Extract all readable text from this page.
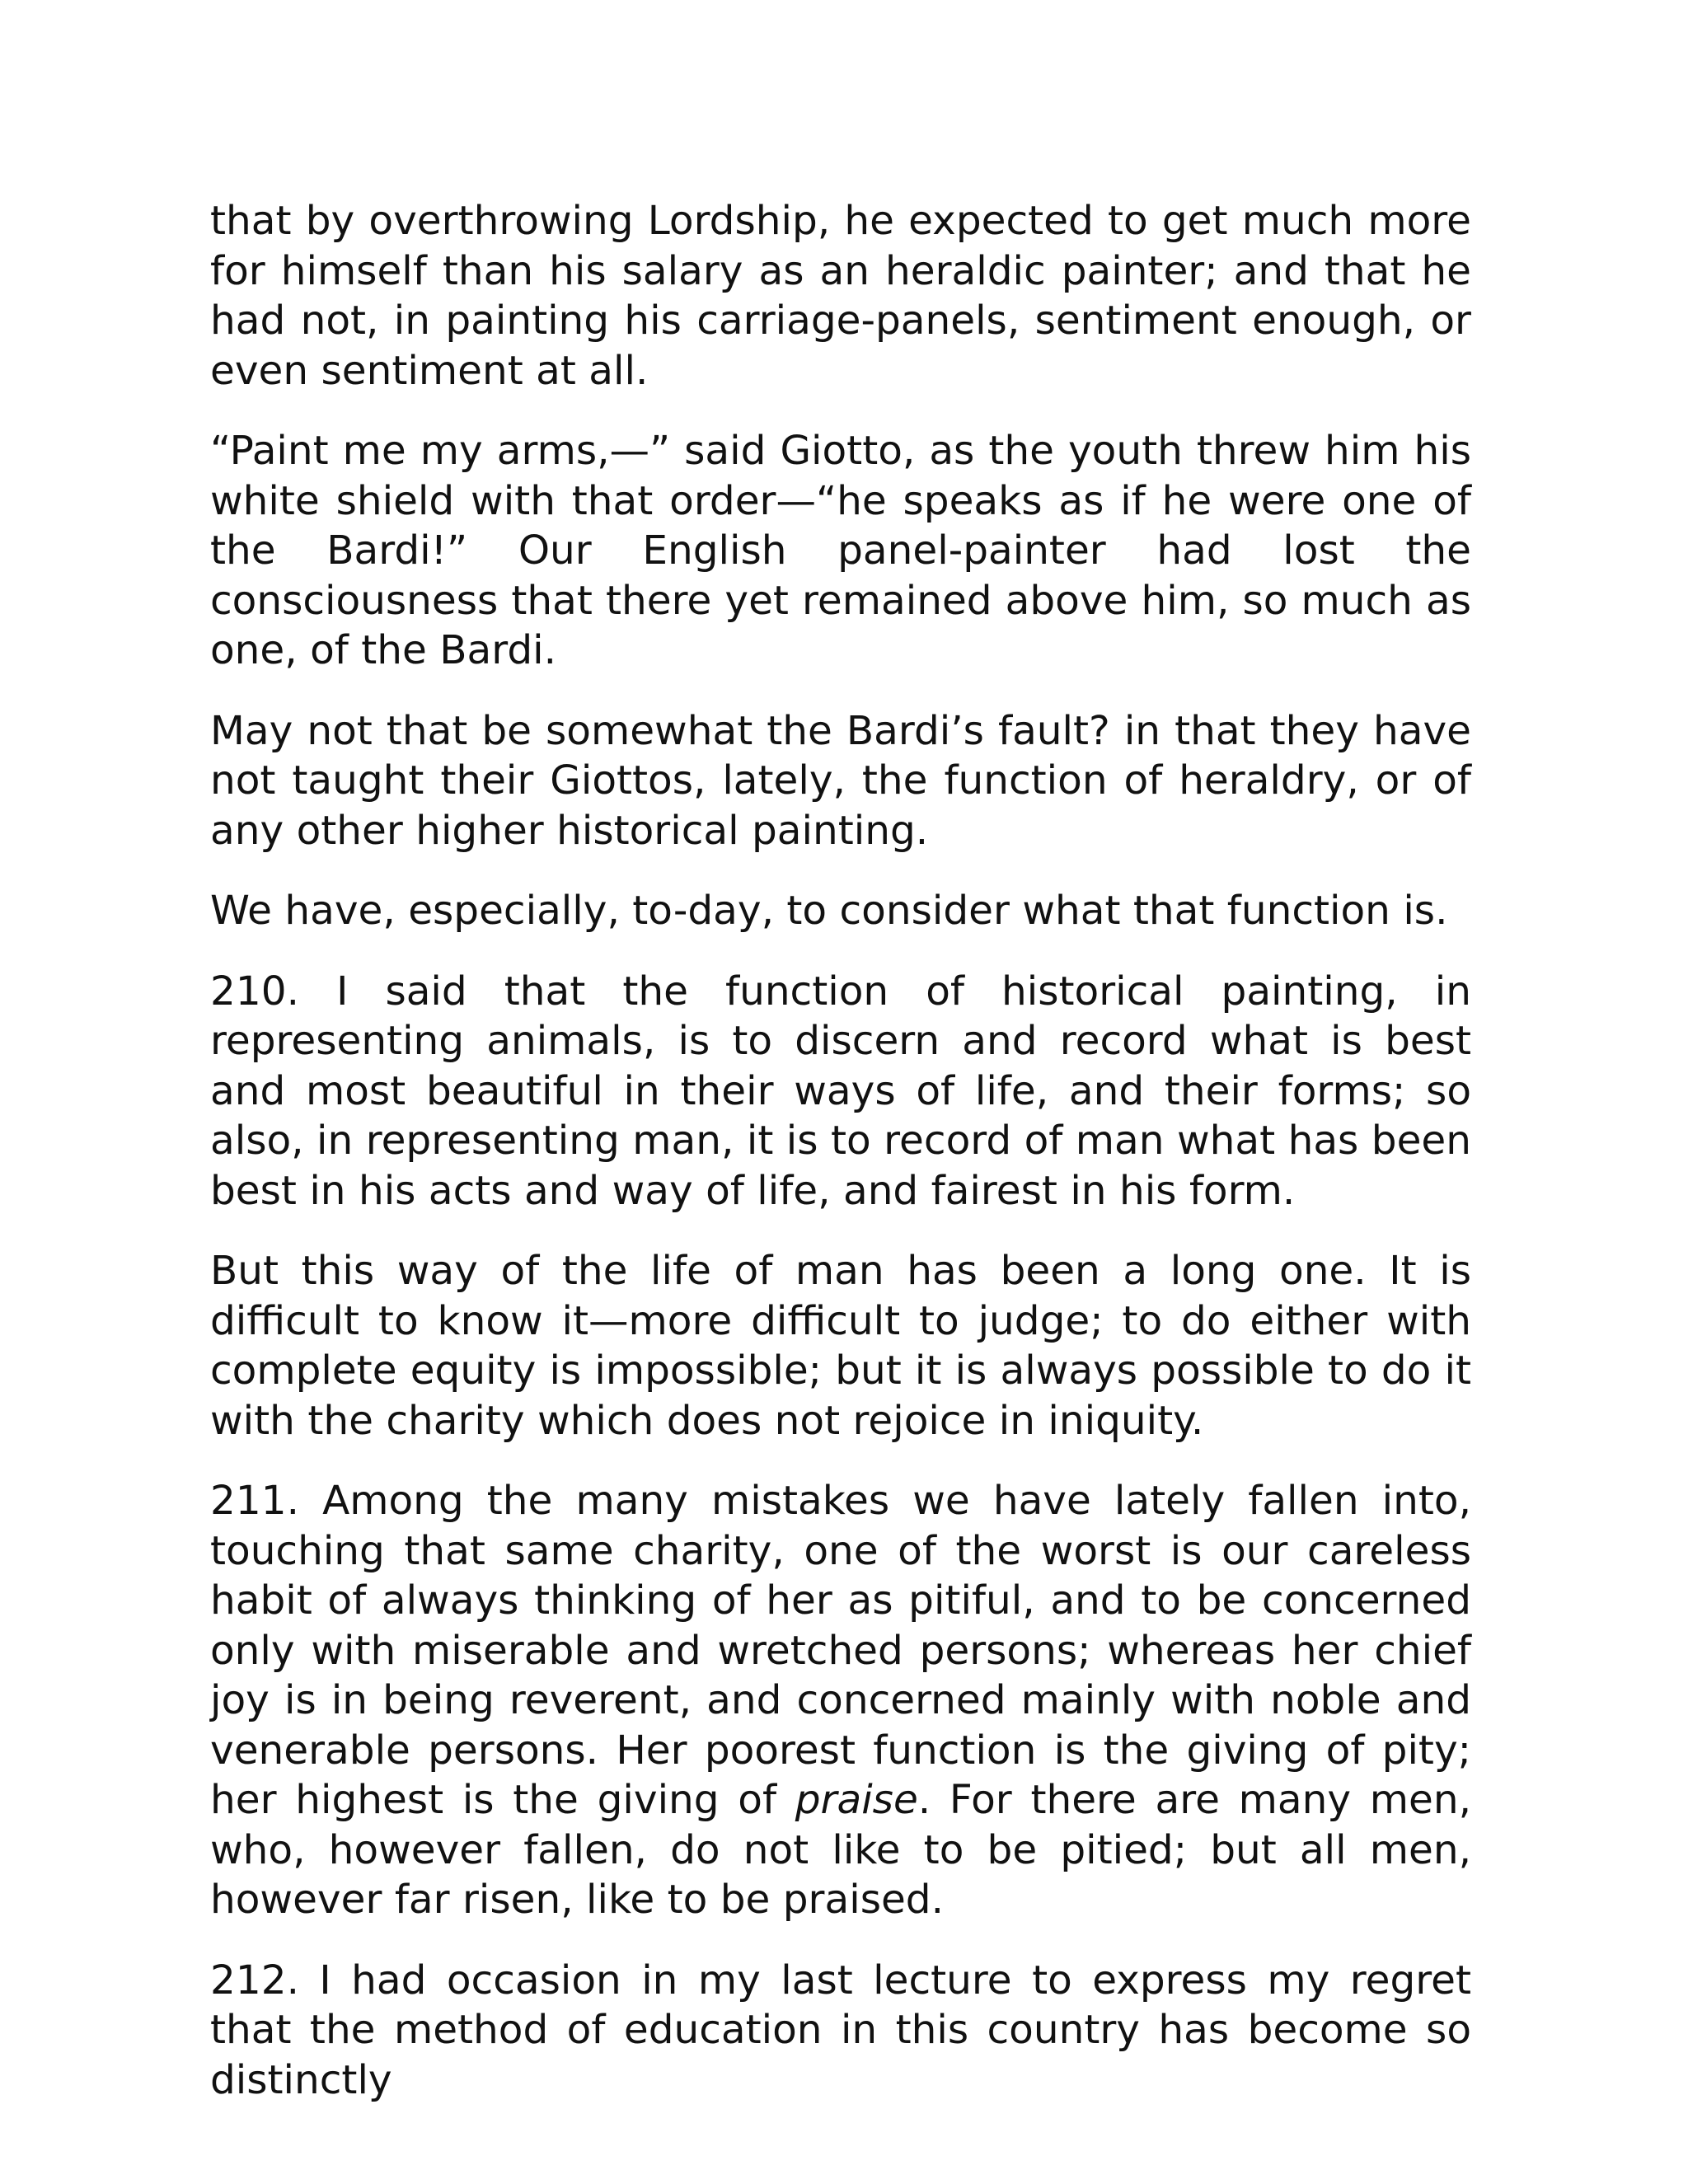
that by overthrowing Lordship, he expected to get much more for himself than his salary as an heraldic painter; and that he had not, in painting his carriage-panels, sentiment enough, or even sentiment at all.

“Paint me my arms,—” said Giotto, as the youth threw him his white shield with that order—“he speaks as if he were one of the Bardi!” Our English panel-painter had lost the consciousness that there yet remained above him, so much as one, of the Bardi.

May not that be somewhat the Bardi’s fault? in that they have not taught their Giottos, lately, the function of heraldry, or of any other higher historical painting.

We have, especially, to-day, to consider what that function is.

210. I said that the function of historical painting, in representing animals, is to discern and record what is best and most beautiful in their ways of life, and their forms; so also, in representing man, it is to record of man what has been best in his acts and way of life, and fairest in his form.

But this way of the life of man has been a long one. It is difficult to know it—more difficult to judge; to do either with complete equity is impossible; but it is always possible to do it with the charity which does not rejoice in iniquity.

211. Among the many mistakes we have lately fallen into, touching that same charity, one of the worst is our careless habit of always thinking of her as pitiful, and to be concerned only with miserable and wretched persons; whereas her chief joy is in being reverent, and concerned mainly with noble and venerable persons. Her poorest function is the giving of pity; her highest is the giving of praise. For there are many men, who, however fallen, do not like to be pitied; but all men, however far risen, like to be praised.

212. I had occasion in my last lecture to express my regret that the method of education in this country has become so distinctly
